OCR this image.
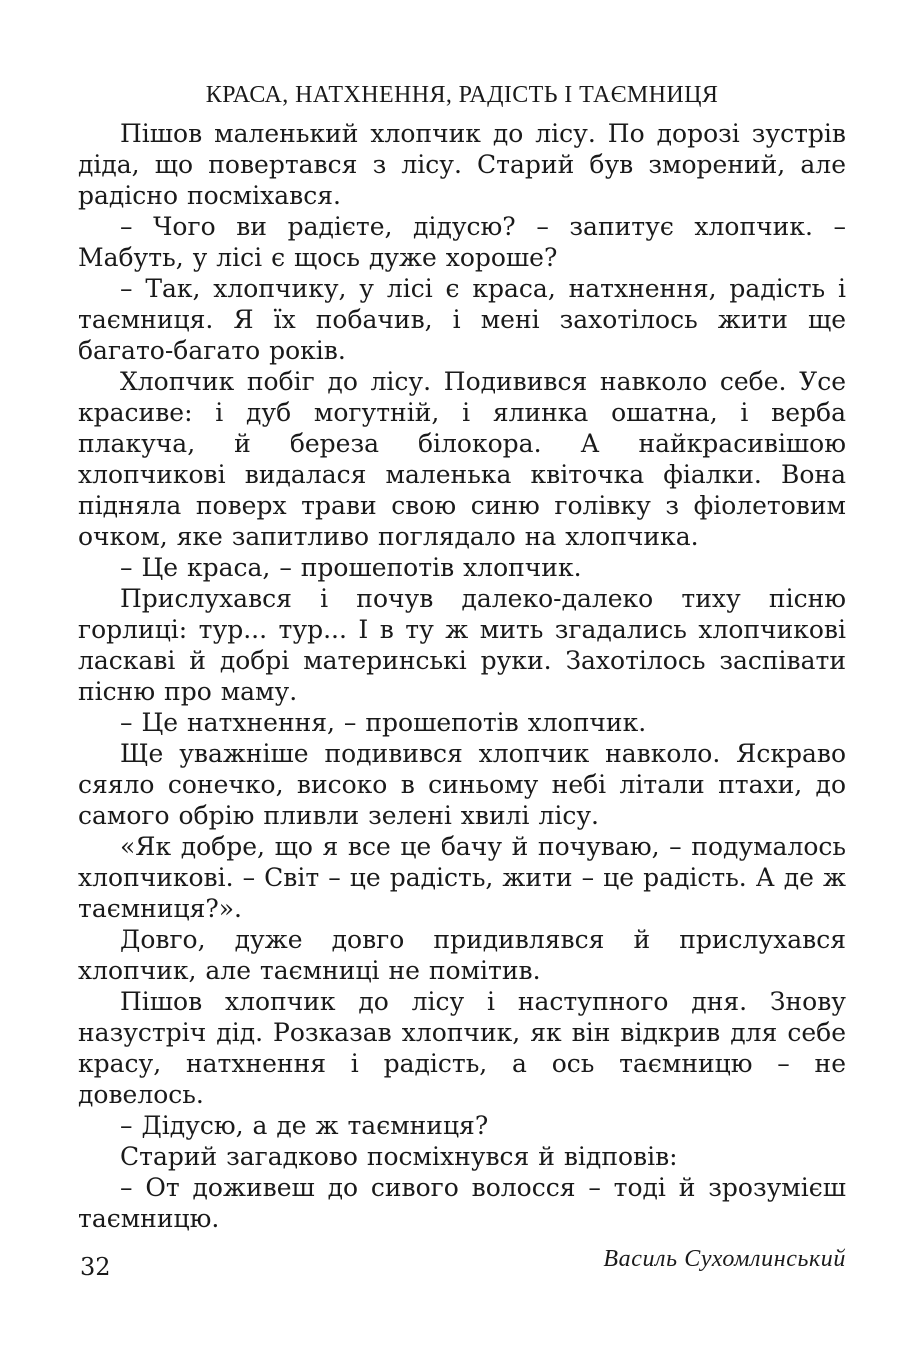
КРАСА, НАТХНЕННЯ, РАДІСТЬ І ТАЄМНИЦЯ

Пішов маленький хлопчик до лісу. По дорозі зустрів діда, що повертався з лісу. Старий був зморений, але радісно посміхався.

– Чого ви радієте, дідусю? – запитує хлопчик. – Мабуть, у лісі є щось дуже хороше?

– Так, хлопчику, у лісі є краса, натхнення, радість і таємниця. Я їх побачив, і мені захотілось жити ще багато-багато років.

Хлопчик побіг до лісу. Подивився навколо себе. Усе красиве: і дуб могутній, і ялинка ошатна, і верба плакуча, й береза білокора. А найкрасивішою хлопчикові видалася маленька квіточка фіалки. Вона підняла поверх трави свою синю голівку з фіолетовим очком, яке запитливо поглядало на хлопчика.

– Це краса, – прошепотів хлопчик.

Прислухався і почув далеко-далеко тиху пісню горлиці: тур... тур... І в ту ж мить згадались хлопчикові ласкаві й добрі материнські руки. Захотілось заспівати пісню про маму.

– Це натхнення, – прошепотів хлопчик.

Ще уважніше подивився хлопчик навколо. Яскраво сяяло сонечко, високо в синьому небі літали птахи, до самого обрію пливли зелені хвилі лісу.

«Як добре, що я все це бачу й почуваю, – подумалось хлопчикові. – Світ – це радість, жити – це радість. А де ж таємниця?».

Довго, дуже довго придивлявся й прислухався хлопчик, але таємниці не помітив.

Пішов хлопчик до лісу і наступного дня. Знову назустріч дід. Розказав хлопчик, як він відкрив для себе красу, натхнення і радість, а ось таємницю – не довелось.

– Дідусю, а де ж таємниця?

Старий загадково посміхнувся й відповів:

– От доживеш до сивого волосся – тоді й зрозумієш таємницю.

Василь Сухомлинський
32
